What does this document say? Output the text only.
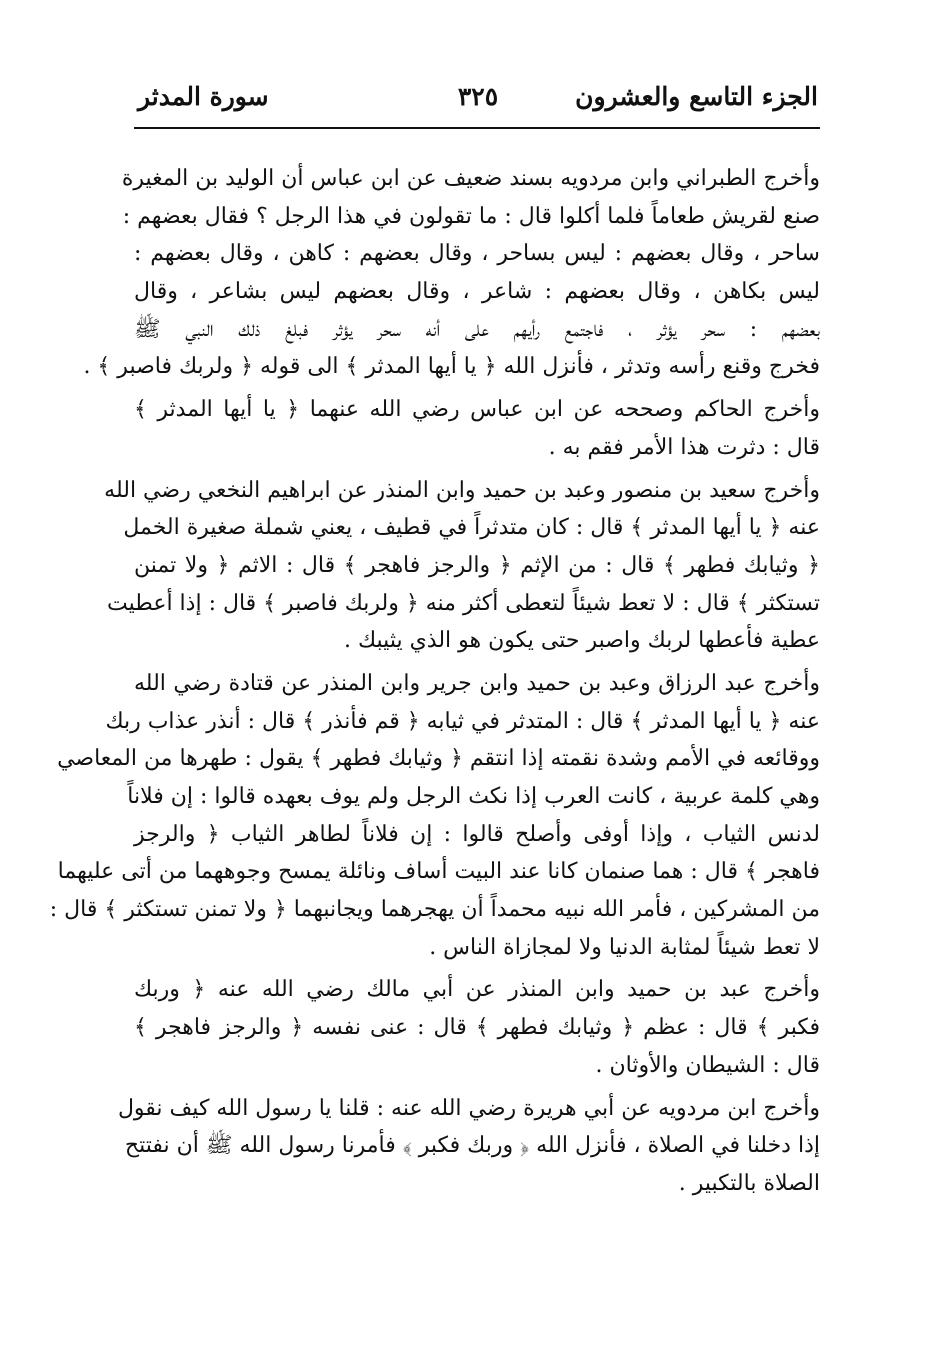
الجزء التاسع والعشرون
٣٢٥
سورة المدثر
وأخرج الطبراني وابن مردويه بسند ضعيف عن ابن عباس أن الوليد بن المغيرة
صنع لقريش طعاماً فلما أكلوا قال : ما تقولون في هذا الرجل ؟ فقال بعضهم :
ساحر ، وقال بعضهم : ليس بساحر ، وقال بعضهم : كاهن ، وقال بعضهم :
ليس بكاهن ، وقال بعضهم : شاعر ، وقال بعضهم ليس بشاعر ، وقال
بعضهم : سحر يؤثر ، فاجتمع رأيهم على أنه سحر يؤثر فبلغ ذلك النبي ﷺ
فخرج وقنع رأسه وتدثر ، فأنزل الله ﴿ يا أيها المدثر ﴾ الى قوله ﴿ ولربك فاصبر ﴾ .
وأخرج الحاكم وصححه عن ابن عباس رضي الله عنهما ﴿ يا أيها المدثر ﴾
قال : دثرت هذا الأمر فقم به .
وأخرج سعيد بن منصور وعبد بن حميد وابن المنذر عن ابراهيم النخعي رضي الله
عنه ﴿ يا أيها المدثر ﴾ قال : كان متدثراً في قطيف ، يعني شملة صغيرة الخمل
﴿ وثيابك فطهر ﴾ قال : من الإثم ﴿ والرجز فاهجر ﴾ قال : الاثم ﴿ ولا تمنن
تستكثر ﴾ قال : لا تعط شيئاً لتعطى أكثر منه ﴿ ولربك فاصبر ﴾ قال : إذا أعطيت
عطية فأعطها لربك واصبر حتى يكون هو الذي يثيبك .
وأخرج عبد الرزاق وعبد بن حميد وابن جرير وابن المنذر عن قتادة رضي الله
عنه ﴿ يا أيها المدثر ﴾ قال : المتدثر في ثيابه ﴿ قم فأنذر ﴾ قال : أنذر عذاب ربك
ووقائعه في الأمم وشدة نقمته إذا انتقم ﴿ وثيابك فطهر ﴾ يقول : طهرها من المعاصي
وهي كلمة عربية ، كانت العرب إذا نكث الرجل ولم يوف بعهده قالوا : إن فلاناً
لدنس الثياب ، وإذا أوفى وأصلح قالوا : إن فلاناً لطاهر الثياب ﴿ والرجز
فاهجر ﴾ قال : هما صنمان كانا عند البيت أساف ونائلة يمسح وجوههما من أتى عليهما
من المشركين ، فأمر الله نبيه محمداً أن يهجرهما ويجانبهما ﴿ ولا تمنن تستكثر ﴾ قال :
لا تعط شيئاً لمثابة الدنيا ولا لمجازاة الناس .
وأخرج عبد بن حميد وابن المنذر عن أبي مالك رضي الله عنه ﴿ وربك
فكبر ﴾ قال : عظم ﴿ وثيابك فطهر ﴾ قال : عنى نفسه ﴿ والرجز فاهجر ﴾
قال : الشيطان والأوثان .
وأخرج ابن مردويه عن أبي هريرة رضي الله عنه : قلنا يا رسول الله كيف نقول
إذا دخلنا في الصلاة ، فأنزل الله ﴿ وربك فكبر ﴾ فأمرنا رسول الله ﷺ أن نفتتح
الصلاة بالتكبير .
